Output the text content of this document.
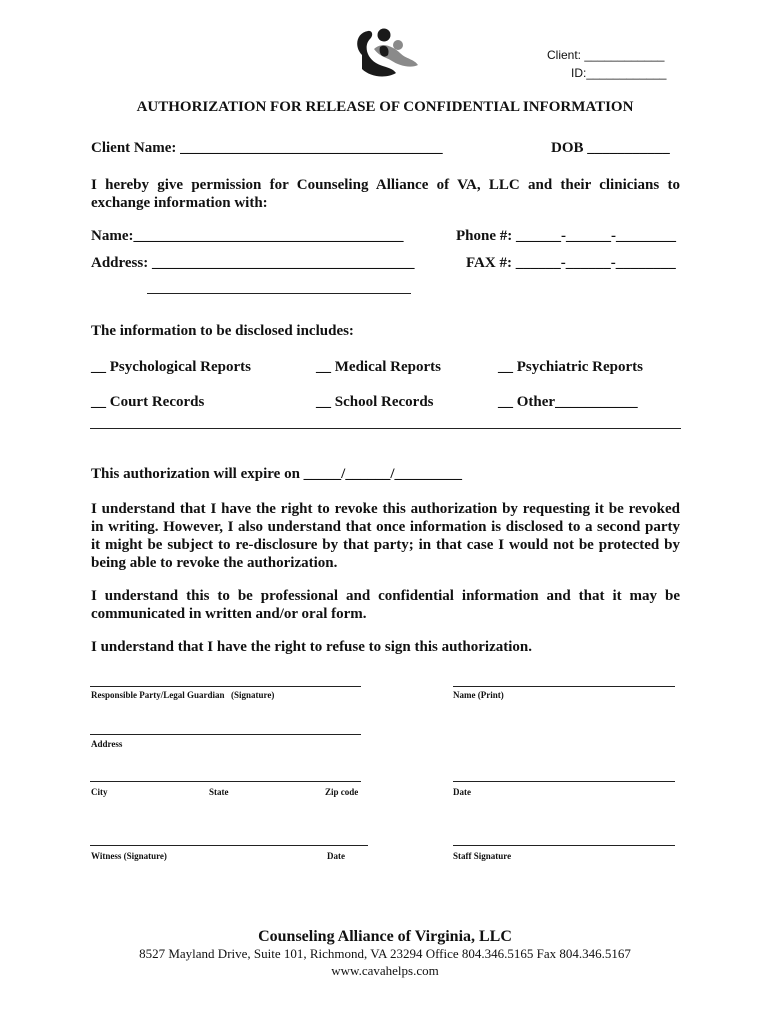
Client: ____________
ID:____________
AUTHORIZATION FOR RELEASE OF CONFIDENTIAL INFORMATION
Client Name: ___________________________________	DOB ___________
I hereby give permission for Counseling Alliance of VA, LLC and their clinicians to exchange information with:
Name:____________________________________	Phone #: ______-______-________
Address: ___________________________________	FAX #: ______-______-________
The information to be disclosed includes:
__ Psychological Reports	__ Medical Reports	__ Psychiatric Reports
__ Court Records	__ School Records	__ Other___________
This authorization will expire on _____/______/_________
I understand that I have the right to revoke this authorization by requesting it be revoked in writing. However, I also understand that once information is disclosed to a second party it might be subject to re-disclosure by that party; in that case I would not be protected by being able to revoke the authorization.
I understand this to be professional and confidential information and that it may be communicated in written and/or oral form.
I understand that I have the right to refuse to sign this authorization.
Responsible Party/Legal Guardian (Signature)	Name (Print)
Address
City	State	Zip code	Date
Witness (Signature)	Date	Staff Signature
Counseling Alliance of Virginia, LLC
8527 Mayland Drive, Suite 101, Richmond, VA 23294 Office 804.346.5165 Fax 804.346.5167
www.cavahelps.com
